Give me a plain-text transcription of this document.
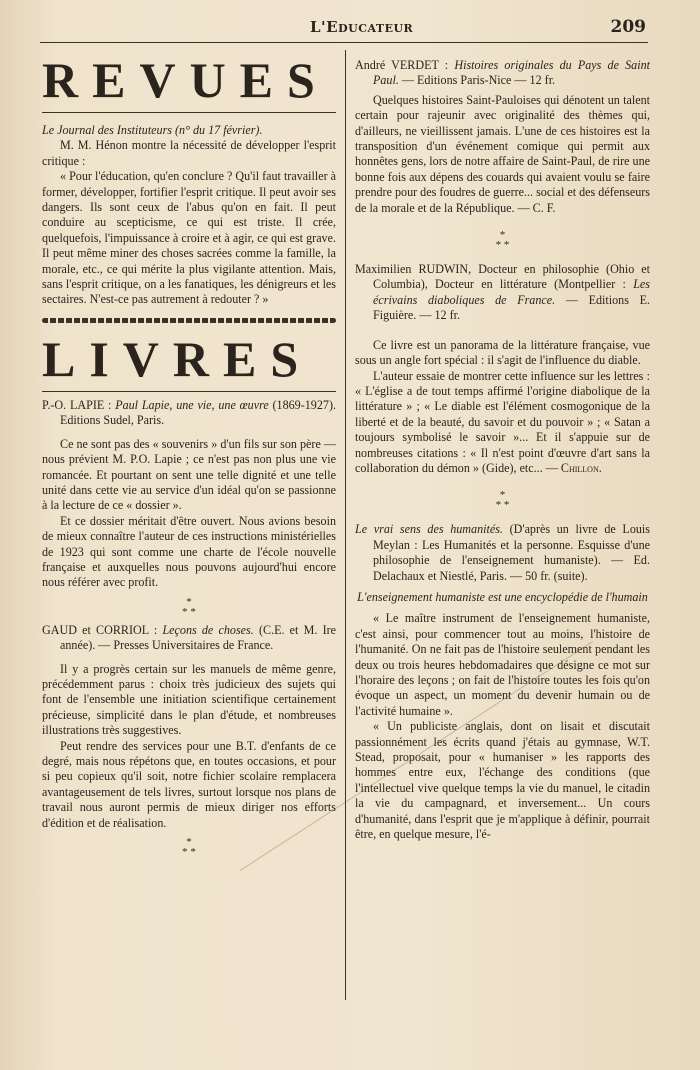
L'Educateur	209
REVUES

Le Journal des Instituteurs (n° du 17 février).

M. M. Hénon montre la nécessité de développer l'esprit critique :

« Pour l'éducation, qu'en conclure ? Qu'il faut travailler à former, développer, fortifier l'esprit critique. Il peut avoir ses dangers. Ils sont ceux de l'abus qu'on en fait. Il peut conduire au scepticisme, ce qui est triste. Il crée, quelquefois, l'impuissance à croire et à agir, ce qui est grave. Il peut même miner des choses sacrées comme la famille, la morale, etc., ce qui mérite la plus vigilante attention. Mais, sans l'esprit critique, on a les fanatiques, les dénigreurs et les sectaires. N'est-ce pas autrement à redouter ? »

LIVRES

P.-O. LAPIE : Paul Lapie, une vie, une œuvre (1869-1927). Editions Sudel, Paris.

Ce ne sont pas des « souvenirs » d'un fils sur son père — nous prévient M. P.O. Lapie ; ce n'est pas non plus une vie romancée. Et pourtant on sent une telle dignité et une telle unité dans cette vie au service d'un idéal qu'on se passionne à la lecture de ce « dossier ».

Et ce dossier méritait d'être ouvert. Nous avions besoin de mieux connaître l'auteur de ces instructions ministérielles de 1923 qui sont comme une charte de l'école nouvelle française et auxquelles nous pouvons aujourd'hui encore nous référer avec profit.

*
* *

GAUD et CORRIOL : Leçons de choses. (C.E. et M. Ire année). — Presses Universitaires de France.

Il y a progrès certain sur les manuels de même genre, précédemment parus : choix très judicieux des sujets qui font de l'ensemble une initiation scientifique certainement précieuse, simplicité dans le plan d'étude, et nombreuses illustrations très suggestives.

Peut rendre des services pour une B.T. d'enfants de ce degré, mais nous répétons que, en toutes occasions, et pour si peu copieux qu'il soit, notre fichier scolaire remplacera avantageusement de tels livres, surtout lorsque nos plans de travail nous auront permis de mieux diriger nos efforts d'édition et de réalisation.

*
* *

André VERDET : Histoires originales du Pays de Saint Paul. — Editions Paris-Nice — 12 fr.

Quelques histoires Saint-Pauloises qui dénotent un talent certain pour rajeunir avec originalité des thèmes qui, d'ailleurs, ne vieillissent jamais. L'une de ces histoires est la transposition d'un événement comique qui permit aux honnêtes gens, lors de notre affaire de Saint-Paul, de rire une bonne fois aux dépens des couards qui avaient voulu se faire prendre pour des foudres de guerre... social et des défenseurs de la morale et de la République. — C. F.

*
* *

Maximilien RUDWIN, Docteur en philosophie (Ohio et Columbia), Docteur en littérature (Montpellier : Les écrivains diaboliques de France. — Editions E. Figuière. — 12 fr.

Ce livre est un panorama de la littérature française, vue sous un angle fort spécial : il s'agit de l'influence du diable.

L'auteur essaie de montrer cette influence sur les lettres : « L'église a de tout temps affirmé l'origine diabolique de la littérature » ; « Le diable est l'élément cosmogonique de la liberté et de la beauté, du savoir et du pouvoir » ; « Satan a toujours symbolisé le savoir »... Et il s'appuie sur de nombreuses citations : « Il n'est point d'œuvre d'art sans la collaboration du démon » (Gide), etc... — Chillon.

*
* *

Le vrai sens des humanités. (D'après un livre de Louis Meylan : Les Humanités et la personne. Esquisse d'une philosophie de l'enseignement humaniste). — Ed. Delachaux et Niestlé, Paris. — 50 fr. (suite).

L'enseignement humaniste est une encyclopédie de l'humain

« Le maître instrument de l'enseignement humaniste, c'est ainsi, pour commencer tout au moins, l'histoire de l'humanité. On ne fait pas de l'histoire seulement pendant les deux ou trois heures hebdomadaires que désigne ce mot sur l'horaire des leçons ; on fait de l'histoire toutes les fois qu'on évoque un aspect, un moment du devenir humain ou de l'activité humaine ».

« Un publiciste anglais, dont on lisait et discutait passionnément les écrits quand j'étais au gymnase, W.T. Stead, proposait, pour « humaniser » les rapports des hommes entre eux, l'échange des conditions (que l'intellectuel vive quelque temps la vie du manuel, le citadin la vie du campagnard, et inversement... Un cours d'humanité, dans l'esprit que je m'applique à définir, pourrait être, en quelque mesure, l'é-
